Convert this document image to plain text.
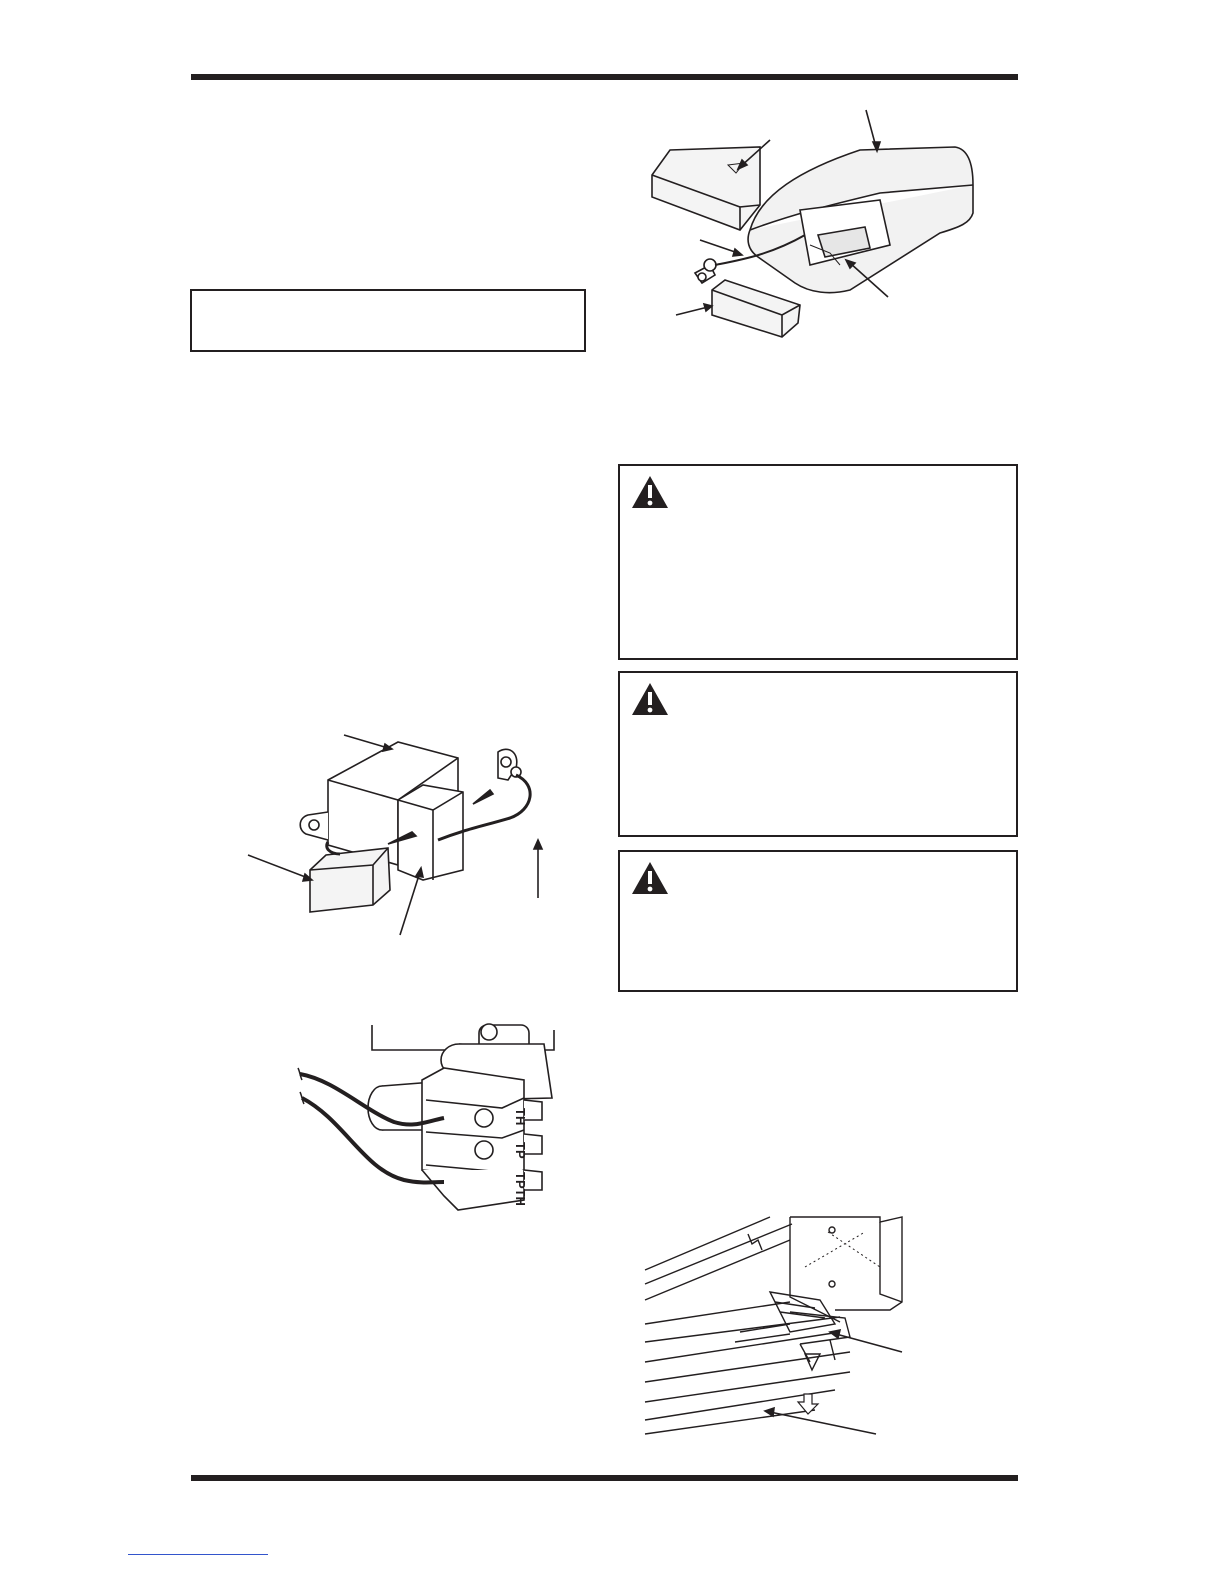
TH
TP
TPTH
